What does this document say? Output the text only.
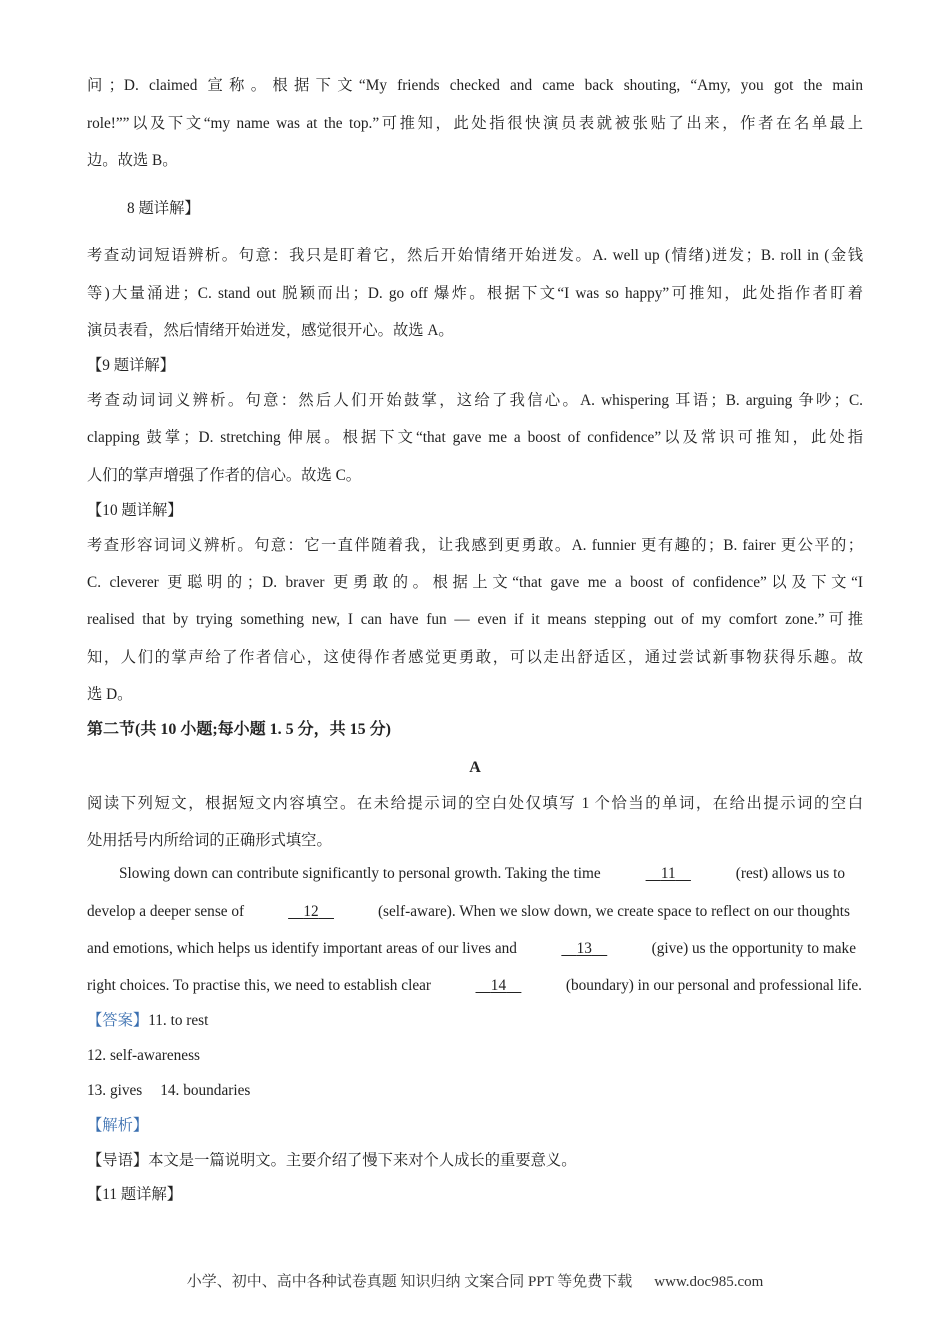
问；D. claimed 宣称。根据下文“My friends checked and came back shouting, “Amy, you got the main
role!””以及下文“my name was at the top.”可推知，此处指很快演员表就被张贴了出来，作者在名单最上
边。故选 B。
8 题详解】
考查动词短语辨析。句意：我只是盯着它，然后开始情绪开始迸发。A. well up (情绪)迸发；B. roll in (金钱
等)大量涌进；C. stand out 脱颖而出；D. go off 爆炸。根据下文“I was so happy”可推知，此处指作者盯着
演员表看，然后情绪开始迸发，感觉很开心。故选 A。
【9 题详解】
考查动词词义辨析。句意：然后人们开始鼓掌，这给了我信心。A. whispering 耳语；B. arguing 争吵；C.
clapping 鼓掌；D. stretching 伸展。根据下文“that gave me a boost of confidence”以及常识可推知，此处指
人们的掌声增强了作者的信心。故选 C。
【10 题详解】
考查形容词词义辨析。句意：它一直伴随着我，让我感到更勇敢。A. funnier 更有趣的；B. fairer 更公平的；
C. cleverer 更聪明的；D. braver 更勇敢的。根据上文“that gave me a boost of confidence”以及下文“I
realised that by trying something new, I can have fun — even if it means stepping out of my comfort zone.”可推
知，人们的掌声给了作者信心，这使得作者感觉更勇敢，可以走出舒适区，通过尝试新事物获得乐趣。故
选 D。
第二节(共 10 小题;每小题 1. 5 分，共 15 分)
A
阅读下列短文，根据短文内容填空。在未给提示词的空白处仅填写 1 个恰当的单词，在给出提示词的空白
处用括号内所给词的正确形式填空。
Slowing down can contribute significantly to personal growth. Taking the time	11	(rest) allows us to
develop a deeper sense of	12	(self-aware). When we slow down, we create space to reflect on our thoughts
and emotions, which helps us identify important areas of our lives and	13	(give) us the opportunity to make
right choices. To practise this, we need to establish clear	14	(boundary) in our personal and professional life.
【答案】11. to rest
12. self-awareness
13. gives 14. boundaries
【解析】
【导语】本文是一篇说明文。主要介绍了慢下来对个人成长的重要意义。
【11 题详解】
小学、初中、高中各种试卷真题 知识归纳 文案合同 PPT 等免费下载 www.doc985.com
